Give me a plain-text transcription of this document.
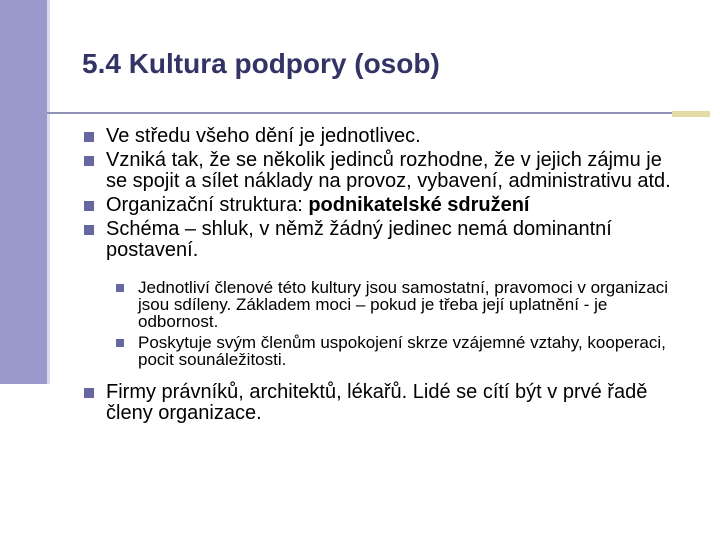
5.4 Kultura podpory (osob)
Ve středu všeho dění je jednotlivec.
Vzniká tak, že se několik jedinců rozhodne, že v jejich zájmu je se spojit a sílet náklady na provoz, vybavení, administrativu atd.
Organizační struktura: podnikatelské sdružení
Schéma – shluk, v němž žádný jedinec nemá dominantní postavení.
Jednotliví členové této kultury jsou samostatní, pravomoci v organizaci jsou sdíleny. Základem moci – pokud je třeba její uplatnění - je odbornost.
Poskytuje svým členům uspokojení skrze vzájemné vztahy, kooperaci, pocit sounáležitosti.
Firmy právníků, architektů, lékařů. Lidé se cítí být v prvé řadě členy organizace.
